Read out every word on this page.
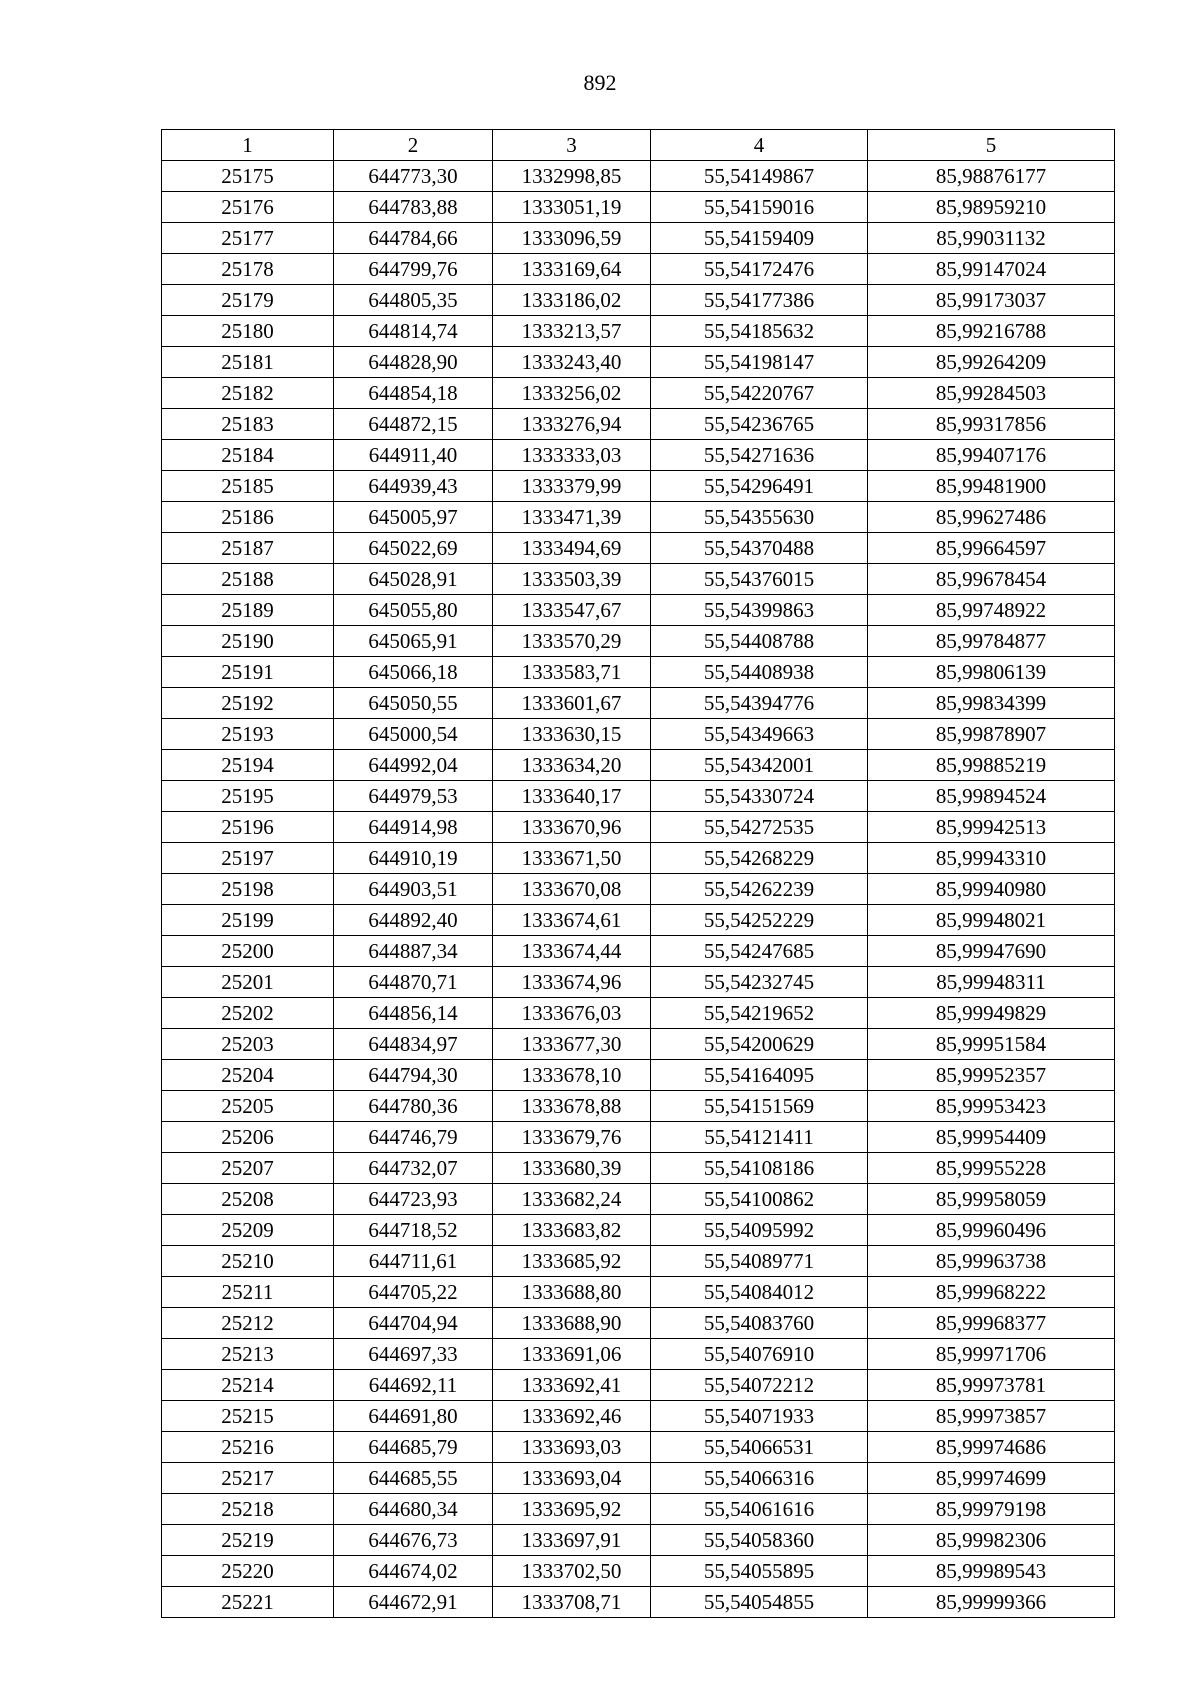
892
1	2	3	4	5
25175	644773,30	1332998,85	55,54149867	85,98876177
25176	644783,88	1333051,19	55,54159016	85,98959210
25177	644784,66	1333096,59	55,54159409	85,99031132
25178	644799,76	1333169,64	55,54172476	85,99147024
25179	644805,35	1333186,02	55,54177386	85,99173037
25180	644814,74	1333213,57	55,54185632	85,99216788
25181	644828,90	1333243,40	55,54198147	85,99264209
25182	644854,18	1333256,02	55,54220767	85,99284503
25183	644872,15	1333276,94	55,54236765	85,99317856
25184	644911,40	1333333,03	55,54271636	85,99407176
25185	644939,43	1333379,99	55,54296491	85,99481900
25186	645005,97	1333471,39	55,54355630	85,99627486
25187	645022,69	1333494,69	55,54370488	85,99664597
25188	645028,91	1333503,39	55,54376015	85,99678454
25189	645055,80	1333547,67	55,54399863	85,99748922
25190	645065,91	1333570,29	55,54408788	85,99784877
25191	645066,18	1333583,71	55,54408938	85,99806139
25192	645050,55	1333601,67	55,54394776	85,99834399
25193	645000,54	1333630,15	55,54349663	85,99878907
25194	644992,04	1333634,20	55,54342001	85,99885219
25195	644979,53	1333640,17	55,54330724	85,99894524
25196	644914,98	1333670,96	55,54272535	85,99942513
25197	644910,19	1333671,50	55,54268229	85,99943310
25198	644903,51	1333670,08	55,54262239	85,99940980
25199	644892,40	1333674,61	55,54252229	85,99948021
25200	644887,34	1333674,44	55,54247685	85,99947690
25201	644870,71	1333674,96	55,54232745	85,99948311
25202	644856,14	1333676,03	55,54219652	85,99949829
25203	644834,97	1333677,30	55,54200629	85,99951584
25204	644794,30	1333678,10	55,54164095	85,99952357
25205	644780,36	1333678,88	55,54151569	85,99953423
25206	644746,79	1333679,76	55,54121411	85,99954409
25207	644732,07	1333680,39	55,54108186	85,99955228
25208	644723,93	1333682,24	55,54100862	85,99958059
25209	644718,52	1333683,82	55,54095992	85,99960496
25210	644711,61	1333685,92	55,54089771	85,99963738
25211	644705,22	1333688,80	55,54084012	85,99968222
25212	644704,94	1333688,90	55,54083760	85,99968377
25213	644697,33	1333691,06	55,54076910	85,99971706
25214	644692,11	1333692,41	55,54072212	85,99973781
25215	644691,80	1333692,46	55,54071933	85,99973857
25216	644685,79	1333693,03	55,54066531	85,99974686
25217	644685,55	1333693,04	55,54066316	85,99974699
25218	644680,34	1333695,92	55,54061616	85,99979198
25219	644676,73	1333697,91	55,54058360	85,99982306
25220	644674,02	1333702,50	55,54055895	85,99989543
25221	644672,91	1333708,71	55,54054855	85,99999366
